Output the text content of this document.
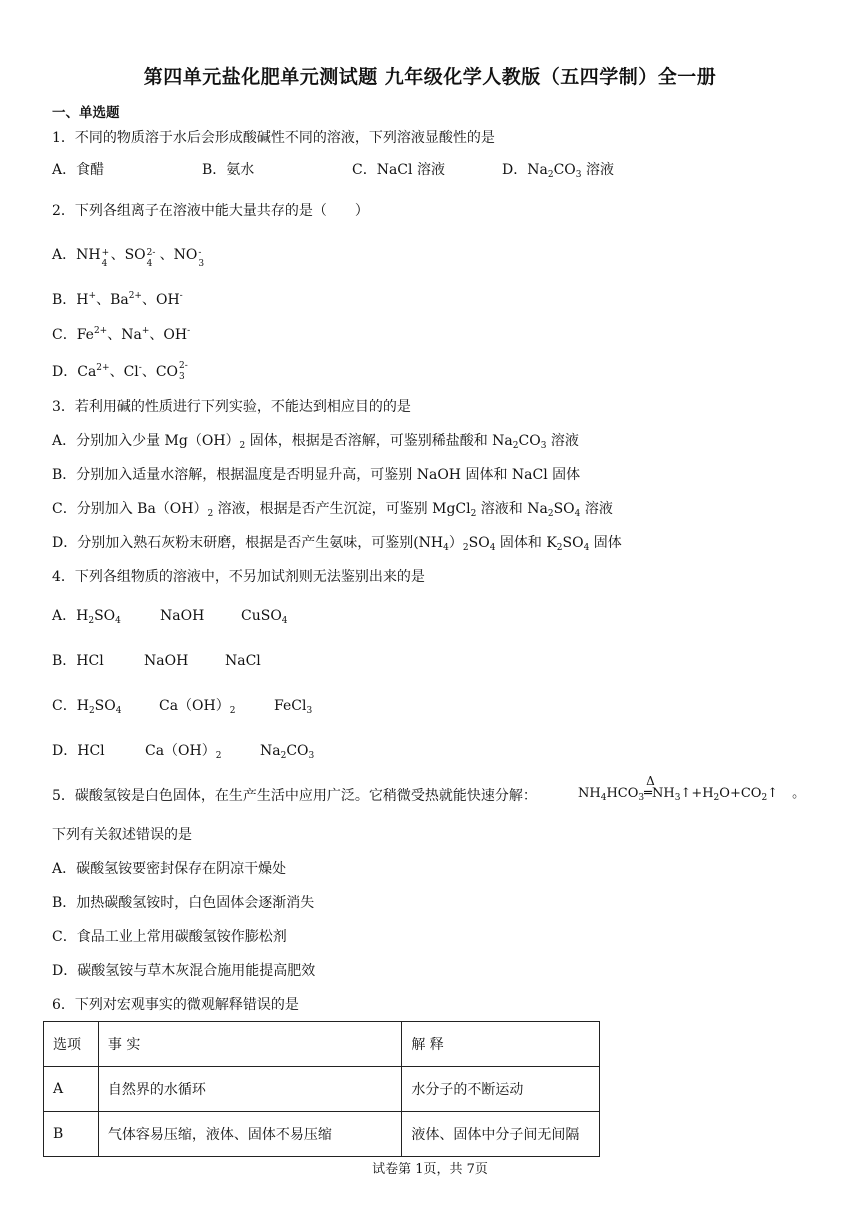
第四单元盐化肥单元测试题 九年级化学人教版（五四学制）全一册
一、单选题
1．不同的物质溶于水后会形成酸碱性不同的溶液，下列溶液显酸性的是
A．食醋	B．氨水	C．NaCl 溶液	D．$Na_2CO_3$ 溶液
2．下列各组离子在溶液中能大量共存的是（　　）
A．NH +
4
、SO 2-
4
、NO -
3
B．H+、$Ba^{2+}$、OH-
C．$Fe^{2+}$、Na+、OH-
D．$Ca^{2+}$、Cl-、CO 2-
3
3．若利用碱的性质进行下列实验，不能达到相应目的的是
A．分别加入少量 $Mg(OH)_2$ 固体，根据是否溶解，可鉴别稀盐酸和 $Na_2CO_3$ 溶液
B．分别加入适量水溶解，根据温度是否明显升高，可鉴别 NaOH 固体和 NaCl 固体
C．分别加入 $Ba(OH)_2$ 溶液，根据是否产生沉淀，可鉴别 MgCl$_2$ 溶液和 $Na_2SO_4$ 溶液
D．分别加入熟石灰粉末研磨，根据是否产生氨味，可鉴别$(NH_4)_2SO_4$ 固体和 $K_2SO_4$ 固体
4．下列各组物质的溶液中，不另加试剂则无法鉴别出来的是
A．$H_2SO_4$	NaOH	CuSO$_4$
B．HCl	NaOH	NaCl
C．$H_2SO_4$	$Ca(OH)_2$	FeCl$_3$
D．HCl	$Ca(OH)_2$	$Na_2CO_3$
5．碳酸氢铵是白色固体，在生产生活中应用广泛。它稍微受热就能快速分解：	$NH_4HCO_3$
Δ
$═NH_3↑+H_2O+CO_2↑$ 。
下列有关叙述错误的是
A．碳酸氢铵要密封保存在阴凉干燥处
B．加热碳酸氢铵时，白色固体会逐渐消失
C．食品工业上常用碳酸氢铵作膨松剂
D．碳酸氢铵与草木灰混合施用能提高肥效
6．下列对宏观事实的微观解释错误的是
选项	事 实	解 释
A	自然界的水循环	水分子的不断运动
B	气体容易压缩，液体、固体不易压缩	液体、固体中分子间无间隔
试卷第 1页，共 7页
